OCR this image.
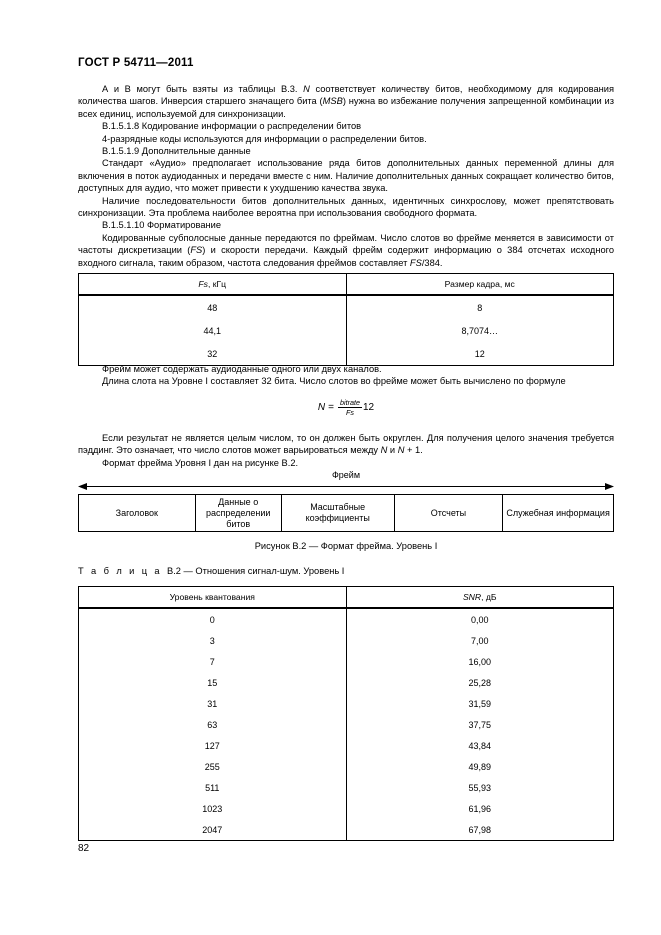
ГОСТ Р 54711—2011

А и В могут быть взяты из таблицы В.3. N соответствует количеству битов, необходимому для кодирования количества шагов. Инверсия старшего значащего бита (MSB) нужна во избежание получения запрещенной комбинации из всех единиц, используемой для синхронизации.

В.1.5.1.8 Кодирование информации о распределении битов

4-разрядные коды используются для информации о распределении битов.

В.1.5.1.9 Дополнительные данные

Стандарт «Аудио» предполагает использование ряда битов дополнительных данных переменной длины для включения в поток аудиоданных и передачи вместе с ним. Наличие дополнительных данных сокращает количество битов, доступных для аудио, что может привести к ухудшению качества звука.

Наличие последовательности битов дополнительных данных, идентичных синхрослову, может препятствовать синхронизации. Эта проблема наиболее вероятна при использования свободного формата.

В.1.5.1.10 Форматирование

Кодированные субполосные данные передаются по фреймам. Число слотов во фрейме меняется в зависимости от частоты дискретизации (FS) и скорости передачи. Каждый фрейм содержит информацию о 384 отсчетах исходного входного сигнала, таким образом, частота следования фреймов составляет FS/384.

Fs, кГц	Размер кадра, мс
48	8
44,1	8,7074…
32	12

Фрейм может содержать аудиоданные одного или двух каналов.

Длина слота на Уровне I составляет 32 бита. Число слотов во фрейме может быть вычислено по формуле

$N = \frac{\text{bitrate}}{Fs} 12$

Если результат не является целым числом, то он должен быть округлен. Для получения целого значения требуется пэддинг. Это означает, что число слотов может варьироваться между N и N + 1.

Формат фрейма Уровня I дан на рисунке В.2.

Фрейм
Заголовок	Данные о распределении битов	Масштабные коэффициенты	Отсчеты	Служебная информация
Рисунок В.2 — Формат фрейма. Уровень I
Т а б л и ц а В.2 — Отношения сигнал-шум. Уровень I
Уровень квантования	SNR, дБ
0	0,00
3	7,00
7	16,00
15	25,28
31	31,59
63	37,75
127	43,84
255	49,89
511	55,93
1023	61,96
2047	67,98
82
